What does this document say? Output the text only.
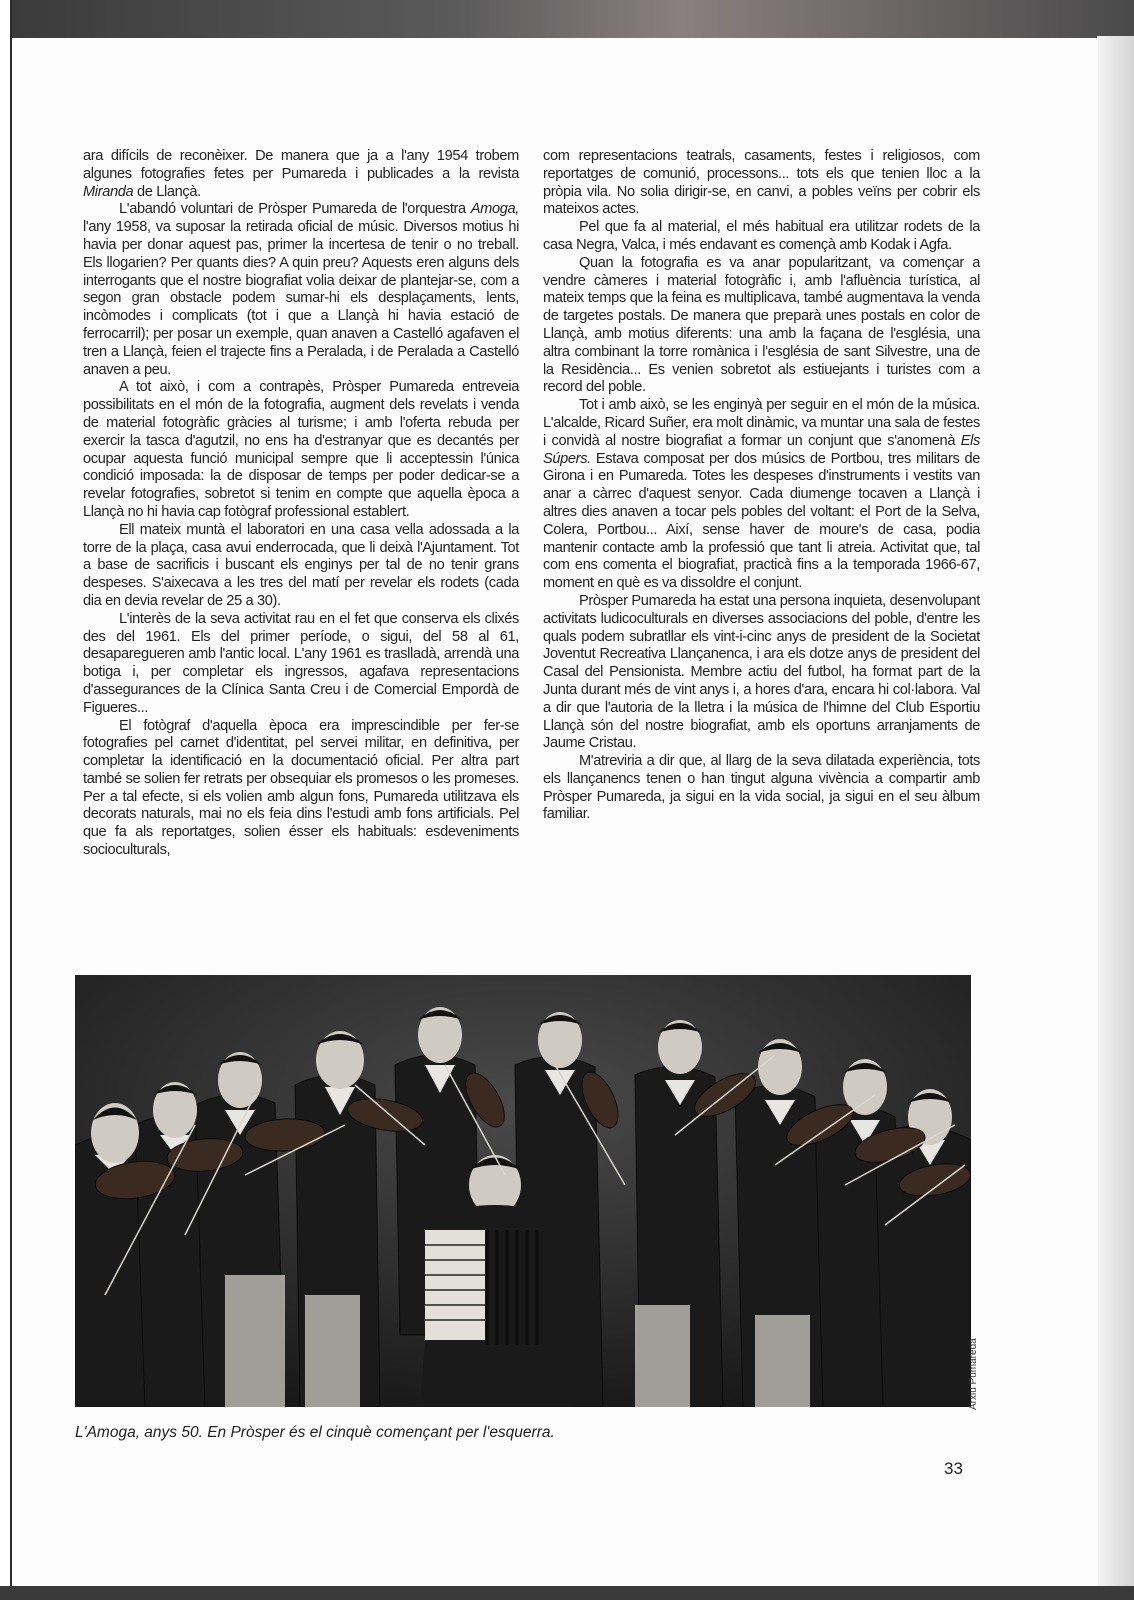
ara difícils de reconèixer. De manera que ja a l'any 1954 trobem algunes fotografies fetes per Pumareda i publicades a la revista Miranda de Llançà.

L'abandó voluntari de Pròsper Pumareda de l'orquestra Amoga, l'any 1958, va suposar la retirada oficial de músic. Diversos motius hi havia per donar aquest pas, primer la incertesa de tenir o no treball. Els llogarien? Per quants dies? A quin preu? Aquests eren alguns dels interrogants que el nostre biografiat volia deixar de plantejar-se, com a segon gran obstacle podem sumar-hi els desplaçaments, lents, incòmodes i complicats (tot i que a Llançà hi havia estació de ferrocarril); per posar un exemple, quan anaven a Castelló agafaven el tren a Llançà, feien el trajecte fins a Peralada, i de Peralada a Castelló anaven a peu.

A tot això, i com a contrapès, Pròsper Pumareda entreveia possibilitats en el món de la fotografia, augment dels revelats i venda de material fotogràfic gràcies al turisme; i amb l'oferta rebuda per exercir la tasca d'agutzil, no ens ha d'estranyar que es decantés per ocupar aquesta funció municipal sempre que li acceptessin l'única condició imposada: la de disposar de temps per poder dedicar-se a revelar fotografies, sobretot si tenim en compte que aquella època a Llançà no hi havia cap fotògraf professional establert.

Ell mateix muntà el laboratori en una casa vella adossada a la torre de la plaça, casa avui enderrocada, que li deixà l'Ajuntament. Tot a base de sacrificis i buscant els enginys per tal de no tenir grans despeses. S'aixecava a les tres del matí per revelar els rodets (cada dia en devia revelar de 25 a 30).

L'interès de la seva activitat rau en el fet que conserva els clixés des del 1961. Els del primer període, o sigui, del 58 al 61, desaparegueren amb l'antic local. L'any 1961 es traslladà, arrendà una botiga i, per completar els ingressos, agafava representacions d'assegurances de la Clínica Santa Creu i de Comercial Empordà de Figueres...

El fotògraf d'aquella època era imprescindible per fer-se fotografies pel carnet d'identitat, pel servei militar, en definitiva, per completar la identificació en la documentació oficial. Per altra part també se solien fer retrats per obsequiar els promesos o les promeses. Per a tal efecte, si els volien amb algun fons, Pumareda utilitzava els decorats naturals, mai no els feia dins l'estudi amb fons artificials. Pel que fa als reportatges, solien ésser els habituals: esdeveniments socioculturals,

com representacions teatrals, casaments, festes i religiosos, com reportatges de comunió, processons... tots els que tenien lloc a la pròpia vila. No solia dirigir-se, en canvi, a pobles veïns per cobrir els mateixos actes.

Pel que fa al material, el més habitual era utilitzar rodets de la casa Negra, Valca, i més endavant es començà amb Kodak i Agfa.

Quan la fotografia es va anar popularitzant, va començar a vendre càmeres i material fotogràfic i, amb l'afluència turística, al mateix temps que la feina es multiplicava, també augmentava la venda de targetes postals. De manera que preparà unes postals en color de Llançà, amb motius diferents: una amb la façana de l'església, una altra combinant la torre romànica i l'església de sant Silvestre, una de la Residència... Es venien sobretot als estiuejants i turistes com a record del poble.

Tot i amb això, se les enginyà per seguir en el món de la música. L'alcalde, Ricard Suñer, era molt dinàmic, va muntar una sala de festes i convidà al nostre biografiat a formar un conjunt que s'anomenà Els Súpers. Estava composat per dos músics de Portbou, tres militars de Girona i en Pumareda. Totes les despeses d'instruments i vestits van anar a càrrec d'aquest senyor. Cada diumenge tocaven a Llançà i altres dies anaven a tocar pels pobles del voltant: el Port de la Selva, Colera, Portbou... Així, sense haver de moure's de casa, podia mantenir contacte amb la professió que tant li atreia. Activitat que, tal com ens comenta el biografiat, practicà fins a la temporada 1966-67, moment en què es va dissoldre el conjunt.

Pròsper Pumareda ha estat una persona inquieta, desenvolupant activitats ludicoculturals en diverses associacions del poble, d'entre les quals podem subratllar els vint-i-cinc anys de president de la Societat Joventut Recreativa Llançanenca, i ara els dotze anys de president del Casal del Pensionista. Membre actiu del futbol, ha format part de la Junta durant més de vint anys i, a hores d'ara, encara hi col·labora. Val a dir que l'autoria de la lletra i la música de l'himne del Club Esportiu Llançà són del nostre biografiat, amb els oportuns arranjaments de Jaume Cristau.

M'atreviria a dir que, al llarg de la seva dilatada experiència, tots els llançanencs tenen o han tingut alguna vivència a compartir amb Pròsper Pumareda, ja sigui en la vida social, ja sigui en el seu àlbum familiar.

L'Amoga, anys 50. En Pròsper és el cinquè començant per l'esquerra.
33
